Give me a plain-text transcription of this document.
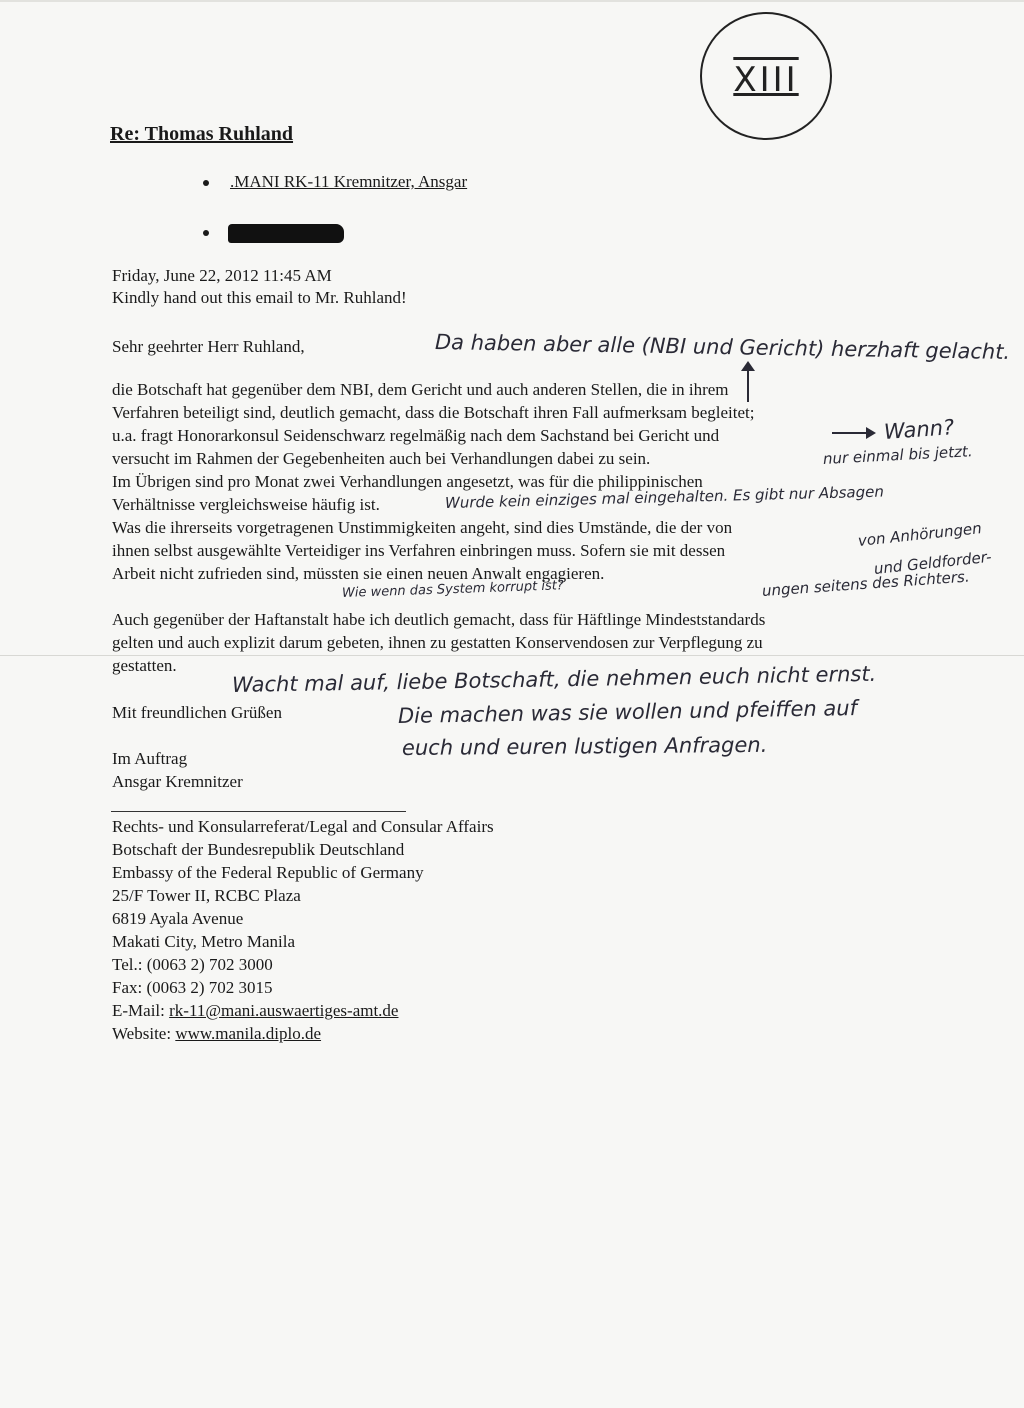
XIII
Re: Thomas Ruhland
.MANI RK-11 Kremnitzer, Ansgar
Friday, June 22, 2012 11:45 AM
Kindly hand out this email to Mr. Ruhland!
Sehr geehrter Herr Ruhland,
die Botschaft hat gegenüber dem NBI, dem Gericht und auch anderen Stellen, die in ihrem
Verfahren beteiligt sind, deutlich gemacht, dass die Botschaft ihren Fall aufmerksam begleitet;
u.a. fragt Honorarkonsul Seidenschwarz regelmäßig nach dem Sachstand bei Gericht und
versucht im Rahmen der Gegebenheiten auch bei Verhandlungen dabei zu sein.
Im Übrigen sind pro Monat zwei Verhandlungen angesetzt, was für die philippinischen
Verhältnisse vergleichsweise häufig ist.
Was die ihrerseits vorgetragenen Unstimmigkeiten angeht, sind dies Umstände, die der von
ihnen selbst ausgewählte Verteidiger ins Verfahren einbringen muss. Sofern sie mit dessen
Arbeit nicht zufrieden sind, müssten sie einen neuen Anwalt engagieren.
Auch gegenüber der Haftanstalt habe ich deutlich gemacht, dass für Häftlinge Mindeststandards
gelten und auch explizit darum gebeten, ihnen zu gestatten Konservendosen zur Verpflegung zu
gestatten.
Mit freundlichen Grüßen
Im Auftrag
Ansgar Kremnitzer
Rechts- und Konsularreferat/Legal and Consular Affairs
Botschaft der Bundesrepublik Deutschland
Embassy of the Federal Republic of Germany
25/F Tower II, RCBC Plaza
6819 Ayala Avenue
Makati City, Metro Manila
Tel.: (0063 2) 702 3000
Fax: (0063 2) 702 3015
E-Mail: rk-11@mani.auswaertiges-amt.de
Website: www.manila.diplo.de
Da haben aber alle (NBI und Gericht) herzhaft gelacht.
Wann?
nur einmal bis jetzt.
Wurde kein einziges mal eingehalten. Es gibt nur Absagen
von Anhörungen
und Geldforder-
ungen seitens des Richters.
Wie wenn das System korrupt ist?
Wacht mal auf, liebe Botschaft, die nehmen euch nicht ernst.
Die machen was sie wollen und pfeiffen auf
euch und euren lustigen Anfragen.
